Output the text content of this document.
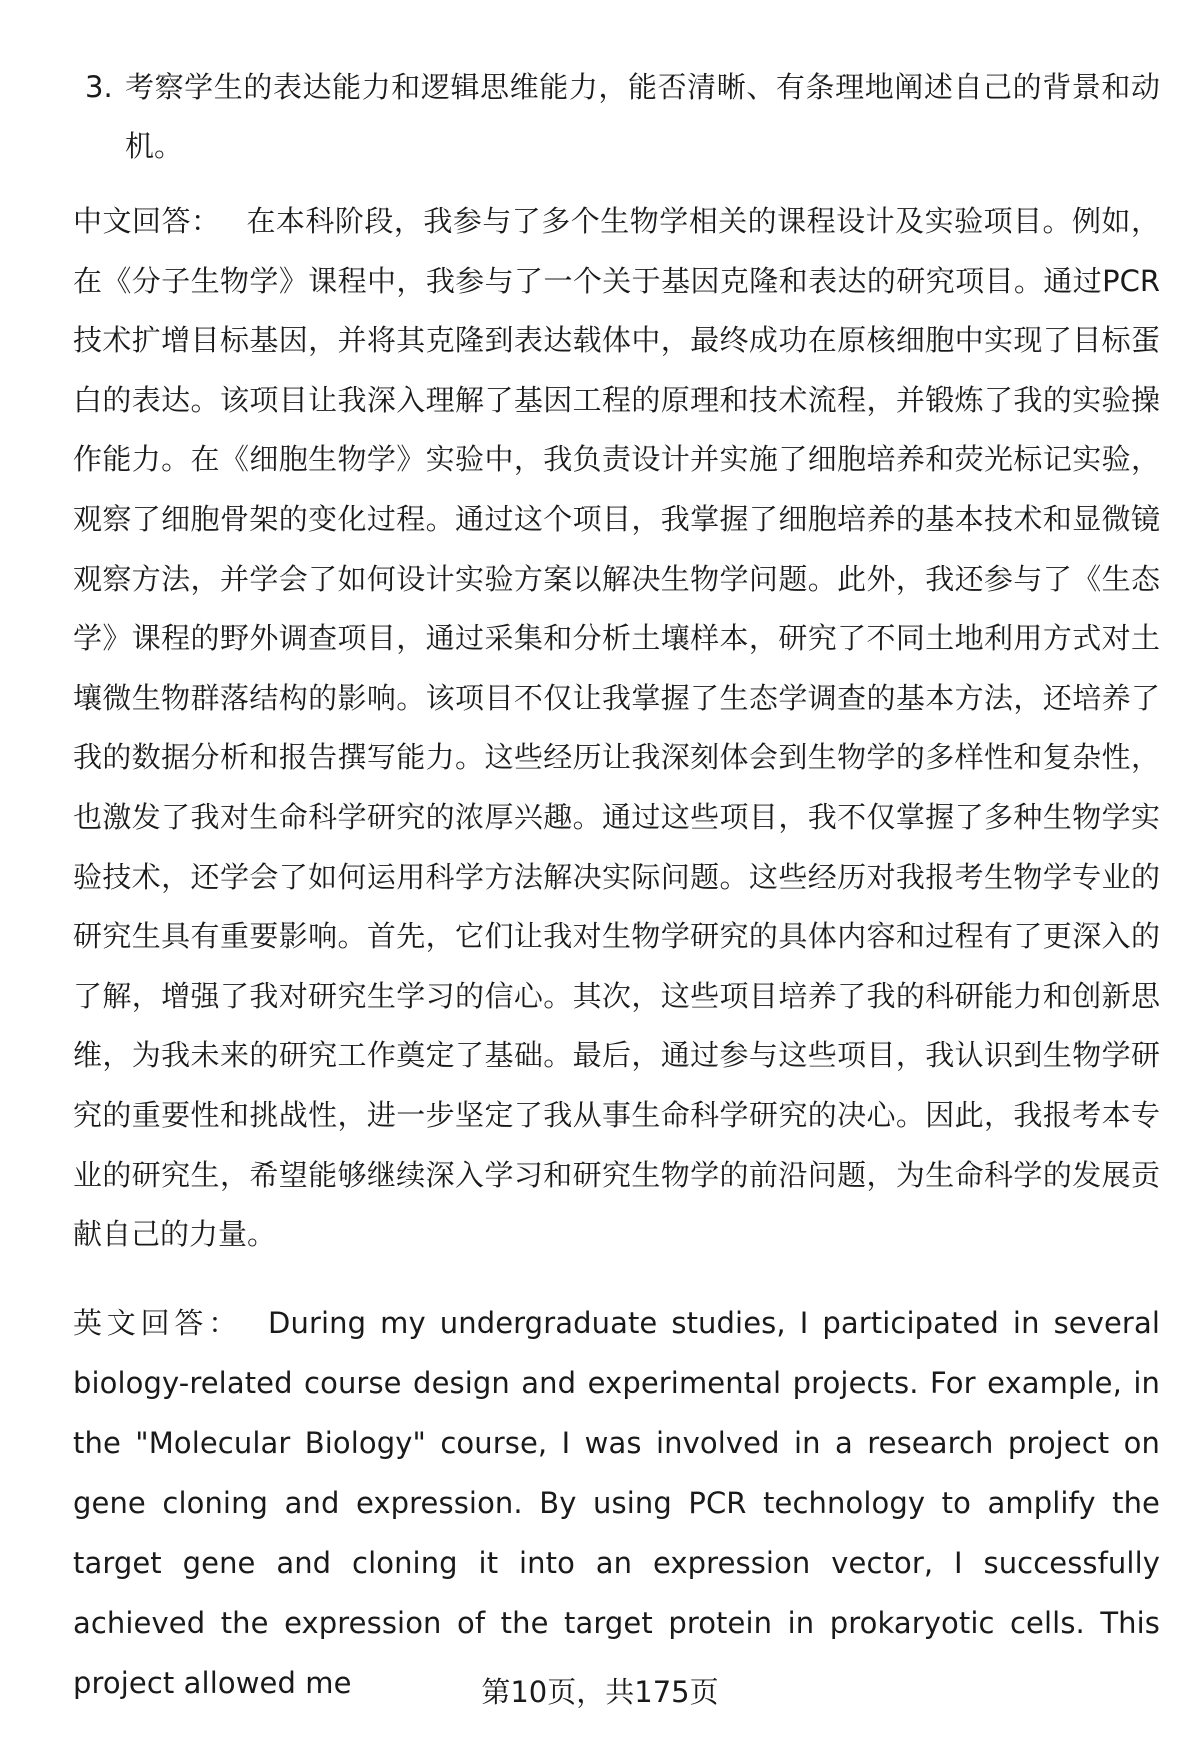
3. 考察学生的表达能力和逻辑思维能力，能否清晰、有条理地阐述自己的背景和动机。

中文回答： 在本科阶段，我参与了多个生物学相关的课程设计及实验项目。例如，在《分子生物学》课程中，我参与了一个关于基因克隆和表达的研究项目。通过PCR技术扩增目标基因，并将其克隆到表达载体中，最终成功在原核细胞中实现了目标蛋白的表达。该项目让我深入理解了基因工程的原理和技术流程，并锻炼了我的实验操作能力。在《细胞生物学》实验中，我负责设计并实施了细胞培养和荧光标记实验，观察了细胞骨架的变化过程。通过这个项目，我掌握了细胞培养的基本技术和显微镜观察方法，并学会了如何设计实验方案以解决生物学问题。此外，我还参与了《生态学》课程的野外调查项目，通过采集和分析土壤样本，研究了不同土地利用方式对土壤微生物群落结构的影响。该项目不仅让我掌握了生态学调查的基本方法，还培养了我的数据分析和报告撰写能力。这些经历让我深刻体会到生物学的多样性和复杂性，也激发了我对生命科学研究的浓厚兴趣。通过这些项目，我不仅掌握了多种生物学实验技术，还学会了如何运用科学方法解决实际问题。这些经历对我报考生物学专业的研究生具有重要影响。首先，它们让我对生物学研究的具体内容和过程有了更深入的了解，增强了我对研究生学习的信心。其次，这些项目培养了我的科研能力和创新思维，为我未来的研究工作奠定了基础。最后，通过参与这些项目，我认识到生物学研究的重要性和挑战性，进一步坚定了我从事生命科学研究的决心。因此，我报考本专业的研究生，希望能够继续深入学习和研究生物学的前沿问题，为生命科学的发展贡献自己的力量。

英文回答： During my undergraduate studies, I participated in several biology-related course design and experimental projects. For example, in the "Molecular Biology" course, I was involved in a research project on gene cloning and expression. By using PCR technology to amplify the target gene and cloning it into an expression vector, I successfully achieved the expression of the target protein in prokaryotic cells. This project allowed me	第10页，共175页
